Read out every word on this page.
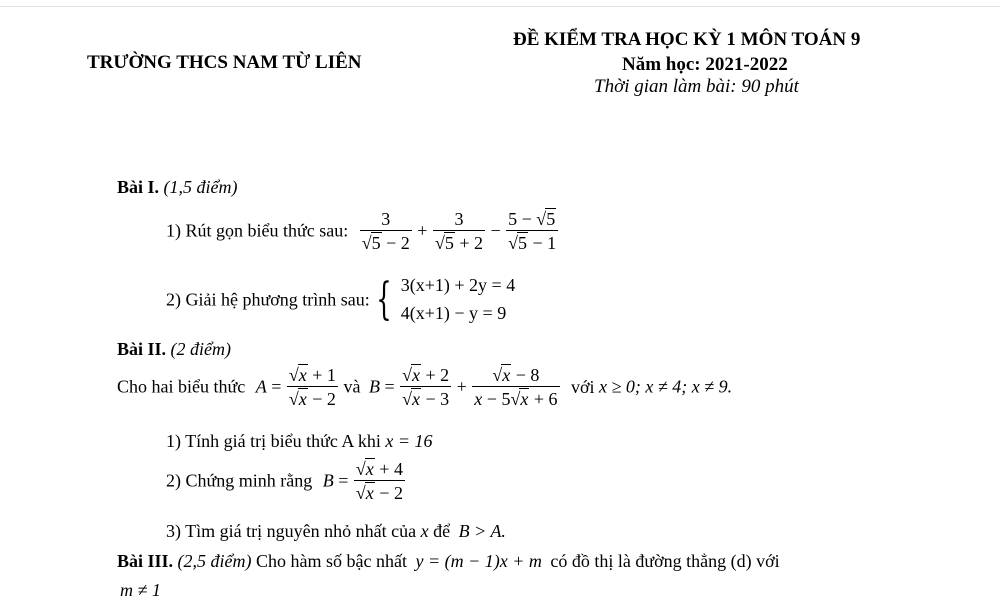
TRƯỜNG THCS NAM TỪ LIÊN
ĐỀ KIỂM TRA HỌC KỲ 1 MÔN TOÁN 9
Năm học: 2021-2022
Thời gian làm bài: 90 phút
Bài I. (1,5 điểm)
1) Rút gọn biểu thức sau: $\frac{3}{√5 - 2} + \frac{3}{√5 + 2} - \frac{5 - √5}{√5 - 1}$
2) Giải hệ phương trình sau: { 3(x+1) + 2y = 4
4(x+1) − y = 9
Bài II. (2 điểm)
Cho hai biểu thức $A = \frac{√x + 1}{√x - 2}$ và $B = \frac{√x + 2}{√x - 3} + \frac{√x - 8}{x - 5√x + 6}$ với x ≥ 0; x ≠ 4; x ≠ 9.
1) Tính giá trị biểu thức A khi x = 16
2) Chứng minh rằng $B = \frac{√x + 4}{√x - 2}$
3) Tìm giá trị nguyên nhỏ nhất của x để B > A.
Bài III. (2,5 điểm) Cho hàm số bậc nhất y = (m − 1)x + m có đồ thị là đường thẳng (d) với
m ≠ 1
